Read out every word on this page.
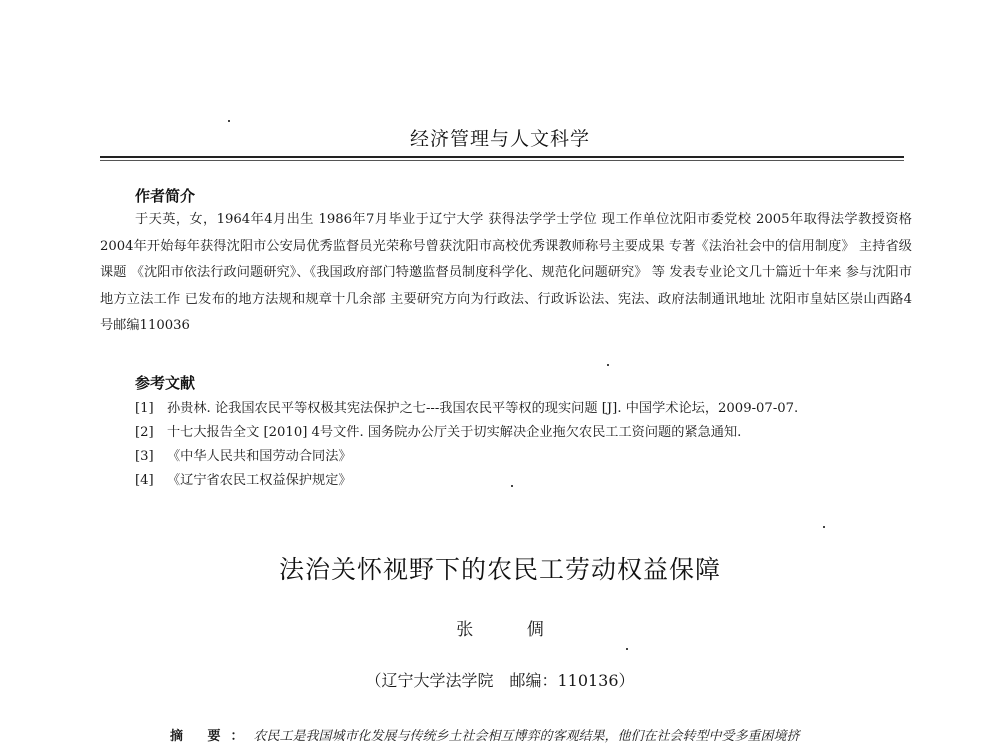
经济管理与人文科学
作者简介
于天英，女，1964年4月出生 1986年7月毕业于辽宁大学 获得法学学士学位 现工作单位沈阳市委党校 2005年取得法学教授资格 2004年开始每年获得沈阳市公安局优秀监督员光荣称号曾获沈阳市高校优秀课教师称号主要成果 专著《法治社会中的信用制度》 主持省级课题 《沈阳市依法行政问题研究》、《我国政府部门特邀监督员制度科学化、规范化问题研究》 等 发表专业论文几十篇近十年来 参与沈阳市地方立法工作 已发布的地方法规和规章十几余部 主要研究方向为行政法、行政诉讼法、宪法、政府法制通讯地址 沈阳市皇姑区崇山西路4号邮编110036
参考文献
[1] 孙贵林. 论我国农民平等权极其宪法保护之七---我国农民平等权的现实问题 [J]. 中国学术论坛，2009-07-07.
[2] 十七大报告全文 [2010] 4号文件. 国务院办公厅关于切实解决企业拖欠农民工工资问题的紧急通知.
[3] 《中华人民共和国劳动合同法》
[4] 《辽宁省农民工权益保护规定》
法治关怀视野下的农民工劳动权益保障
张 倜
（辽宁大学法学院　邮编：110136）
摘 要：农民工是我国城市化发展与传统乡土社会相互博弈的客观结果，他们在社会转型中受多重困境挤
